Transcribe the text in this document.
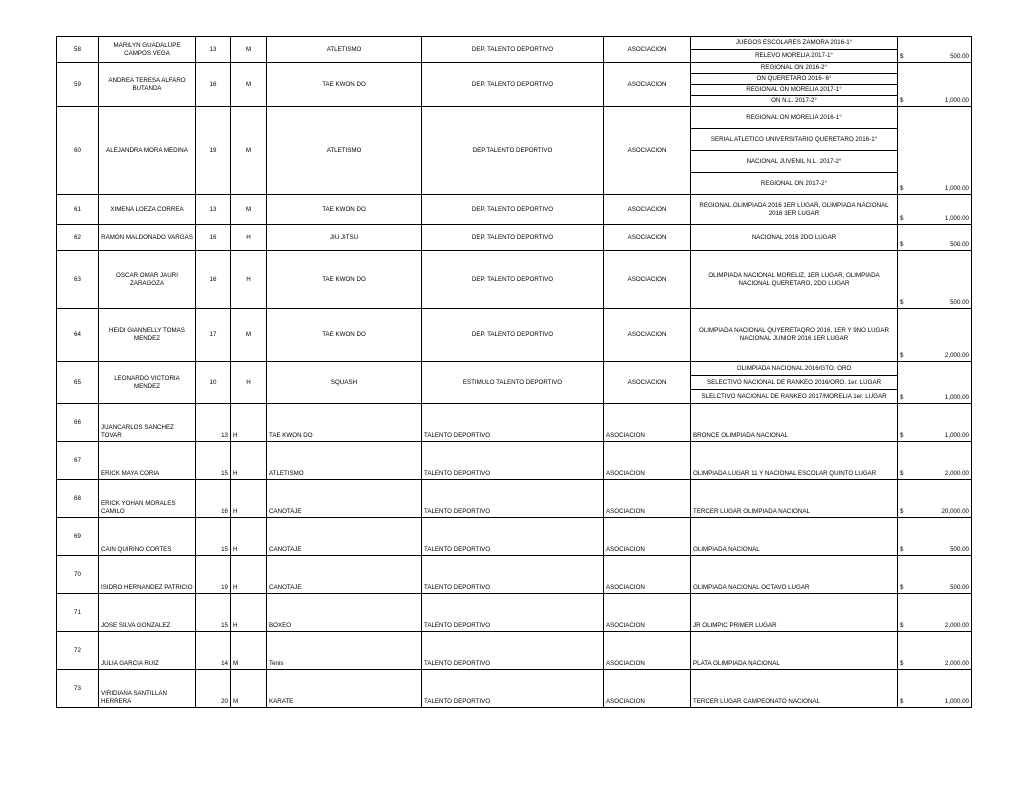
58	MARILYN GUADALUPE CAMPOS VEGA	13	M	ATLETISMO	DEP. TALENTO DEPORTIVO	ASOCIACION	JUEGOS ESCOLARES ZAMORA 2016-1°
RELEVO MORELIA 2017-1°	$ 500.00

59	ANDREA TERESA ALFARO BUTANDA	16	M	TAE KWON DO	DEP. TALENTO DEPORTIVO	ASOCIACION	REGIONAL ON 2016-2°
ON QUERETARO 2016- 6°
REGIONAL ON MORELIA 2017-1°
ON N.L. 2017-2°	$ 1,000.00

60	ALEJANDRA MORA MEDINA	19	M	ATLETISMO	DEP.TALENTO DEPORTIVO	ASOCIACION	REGIONAL ON MORELIA 2016-1°
SERIAL ATLETICO UNIVERSITARIO QUERETARO 2016-1°
NACIONAL JUVENIL N.L. 2017-2°
REGIONAL ON 2017-2°	$ 1,000.00

61	XIMENA LOEZA CORREA	13	M	TAE KWON DO	DEP. TALENTO DEPORTIVO	ASOCIACION	REGIONAL OLIMPIADA 2016 1ER LUGAR, OLIMPIADA NACIONAL 2016 3ER LUGAR	$ 1,000.00

62	RAMON MALDONADO VARGAS	16	H	JIU JITSU	DEP. TALENTO DEPORTIVO	ASOCIACION	NACIONAL 2016 2DO LUGAR	$ 500.00

63	OSCAR OMAR JAURI ZARAGOZA	16	H	TAE KWON DO	DEP. TALENTO DEPORTIVO	ASOCIACION	OLIMPIADA NACIONAL MORELIZ, 1ER LUGAR, OLIMPIADA NACIONAL QUERETARO, 2DO LUGAR	$ 500.00

64	HEIDI GIANNELLY TOMAS MENDEZ	17	M	TAE KWON DO	DEP. TALENTO DEPORTIVO	ASOCIACION	OLIMPIADA NACIONAL QUYERETAQRO 2016, 1ER Y 9NO LUGAR NACIONAL JUNIOR 2016 1ER LUGAR	$ 2,000.00

65	LEONARDO VICTORIA MENDEZ	10	H	SQUASH	ESTIMULO TALENTO DEPORTIVO	ASOCIACION	OLIMPIADA NACIONAL 2016/GTO. ORO
SELECTIVO NACIONAL DE RANKEO 2016/ORO. 1er. LUGAR
SLELCTIVO NACIONAL DE RANKEO 2017/MORELIA 1er. LUGAR	$ 1,000.00

66	JUANCARLOS SANCHEZ TOVAR	13	H	TAE KWON DO	TALENTO DEPORTIVO	ASOCIACION	BRONCE OLIMPIADA NACIONAL	$ 1,000.00

67	ERICK MAYA CORIA	15	H	ATLETISMO	TALENTO DEPORTIVO	ASOCIACION	OLIMPIADA LUGAR 11 Y NACIONAL ESCOLAR QUINTO LUGAR	$ 2,000.00

68	ERICK YOHAN MORALES CAMILO	16	H	CANOTAJE	TALENTO DEPORTIVO	ASOCIACION	TERCER LUGAR OLIMPIADA NACIONAL	$ 20,000.00

69	CAIN QUIRINO CORTES	15	H	CANOTAJE	TALENTO DEPORTIVO	ASOCIACION	OLIMPIADA NACIONAL	$ 500.00

70	ISIDRO HERNANDEZ PATRICIO	19	H	CANOTAJE	TALENTO DEPORTIVO	ASOCIACION	OLIMPIADA NACIONAL OCTAVO LUGAR	$ 500.00

71	JOSE SILVA GONZALEZ	15	H	BOXEO	TALENTO DEPORTIVO	ASOCIACION	JR OLIMPIC PRIMER LUGAR	$ 2,000.00

72	JULIA GARCIA RUIZ	14	M	Tenis	TALENTO DEPORTIVO	ASOCIACION	PLATA OLIMPIADA NACIONAL	$ 2,000.00

73	VIRIDIANA SANTILLAN HERRERA	20	M	KARATE	TALENTO DEPORTIVO	ASOCIACION	TERCER LUGAR CAMPEONATO NACIONAL	$ 1,000.00
